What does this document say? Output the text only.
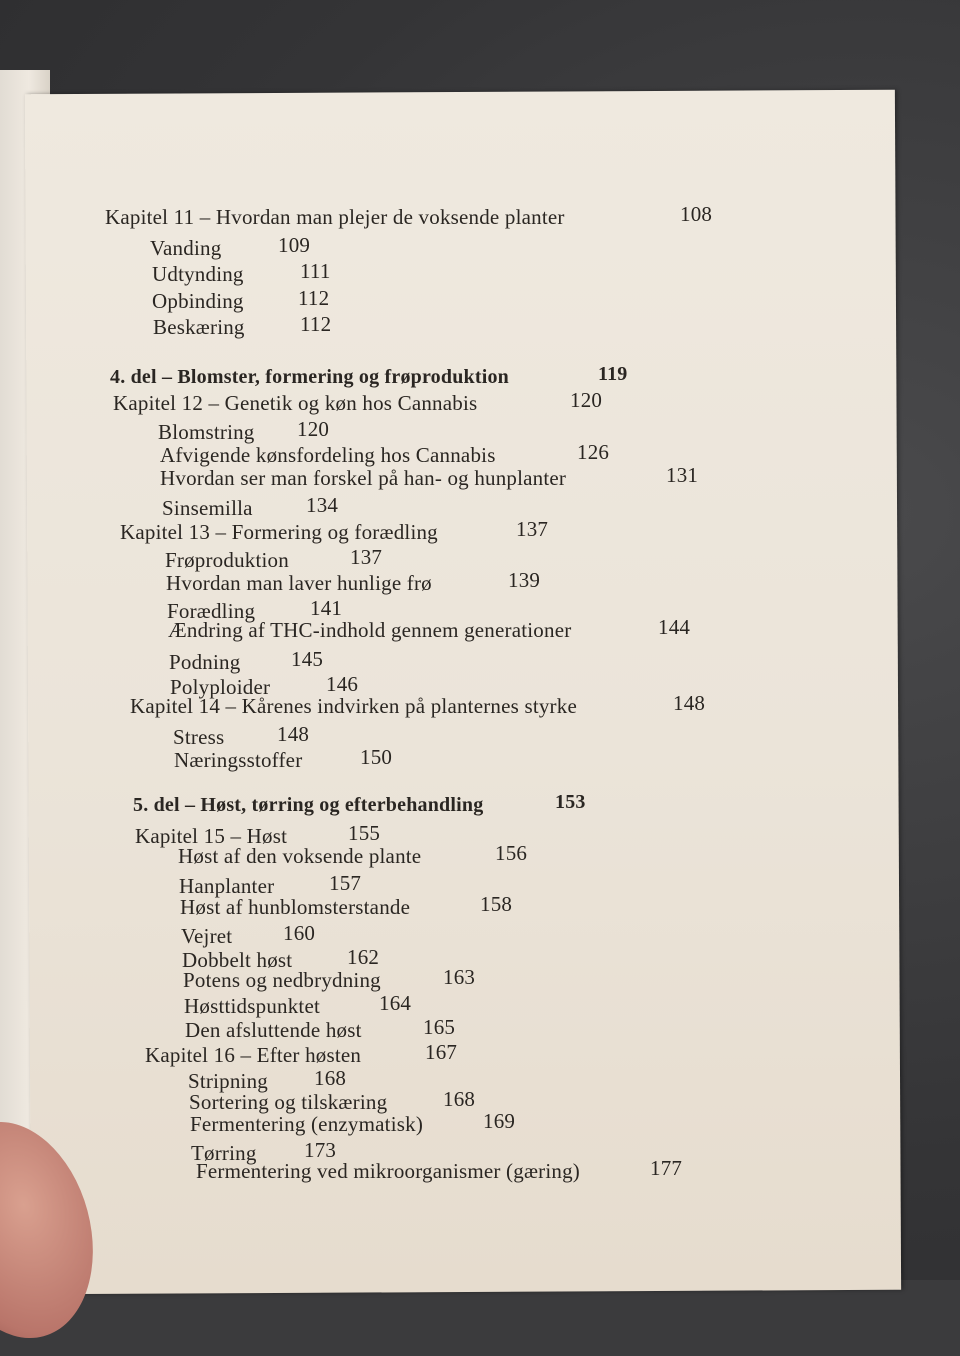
Kapitel 11 – Hvordan man plejer de voksende planter	108
Vanding	109
Udtynding	111
Opbinding	112
Beskæring	112
4. del – Blomster, formering og frøproduktion	119
Kapitel 12 – Genetik og køn hos Cannabis	120
Blomstring 120
Afvigende kønsfordeling hos Cannabis	126
Hvordan ser man forskel på han- og hunplanter	131
Sinsemilla	134
Kapitel 13 – Formering og forædling	137
Frøproduktion	137
Hvordan man laver hunlige frø	139
Forædling	141
Ændring af THC-indhold gennem generationer	144
Podning 145
Polyploider	146
Kapitel 14 – Kårenes indvirken på planternes styrke	148
Stress	148
Næringsstoffer	150
5. del – Høst, tørring og efterbehandling	153
Kapitel 15 – Høst	155
Høst af den voksende plante	156
Hanplanter	157
Høst af hunblomsterstande	158
Vejret 160
Dobbelt høst	162
Potens og nedbrydning	163
Høsttidspunktet	164
Den afsluttende høst	165
Kapitel 16 – Efter høsten	167
Stripning 168
Sortering og tilskæring	168
Fermentering (enzymatisk)	169
Tørring 173
Fermentering ved mikroorganismer (gæring)	177
